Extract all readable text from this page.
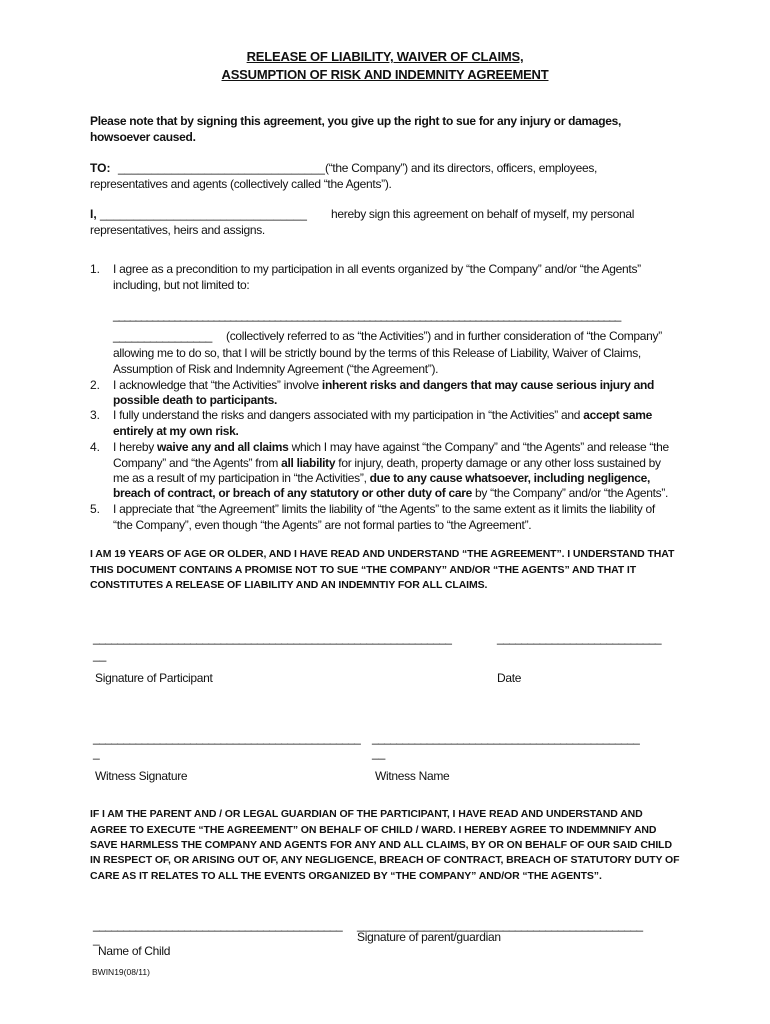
RELEASE OF LIABILITY, WAIVER OF CLAIMS,
ASSUMPTION OF RISK AND INDEMNITY AGREEMENT
Please note that by signing this agreement, you give up the right to sue for any injury or damages,
howsoever caused.
TO: _______________________________ (“the Company”) and its directors, officers, employees,
representatives and agents (collectively called “the Agents”).
I, _______________________________ hereby sign this agreement on behalf of myself, my personal
representatives, heirs and assigns.
1. I agree as a precondition to my participation in all events organized by “the Company” and/or “the Agents”
including, but not limited to:
___________________________________________________________________________________________
________________ (collectively referred to as “the Activities”) and in further consideration of “the Company”
allowing me to do so, that I will be strictly bound by the terms of this Release of Liability, Waiver of Claims,
Assumption of Risk and Indemnity Agreement (“the Agreement”).
2. I acknowledge that “the Activities” involve inherent risks and dangers that may cause serious injury and
possible death to participants.
3. I fully understand the risks and dangers associated with my participation in “the Activities” and accept same
entirely at my own risk.
4. I hereby waive any and all claims which I may have against “the Company” and “the Agents” and release “the
Company” and “the Agents” from all liability for injury, death, property damage or any other loss sustained by
me as a result of my participation in “the Activities”, due to any cause whatsoever, including negligence,
breach of contract, or breach of any statutory or other duty of care by “the Company” and/or “the Agents”.
5. I appreciate that “the Agreement” limits the liability of “the Agents” to the same extent as it limits the liability of
“the Company”, even though “the Agents” are not formal parties to “the Agreement”.
I AM 19 YEARS OF AGE OR OLDER, AND I HAVE READ AND UNDERSTAND “THE AGREEMENT”. I UNDERSTAND THAT
THIS DOCUMENT CONTAINS A PROMISE NOT TO SUE “THE COMPANY” AND/OR “THE AGENTS” AND THAT IT
CONSTITUTES A RELEASE OF LIABILITY AND AN INDEMNTIY FOR ALL CLAIMS.
___________________________________________________________
__
___________________________
Signature of Participant	Date
____________________________________________
_
____________________________________________
__
Witness Signature	Witness Name
IF I AM THE PARENT AND / OR LEGAL GUARDIAN OF THE PARTICIPANT, I HAVE READ AND UNDERSTAND AND
AGREE TO EXECUTE “THE AGREEMENT” ON BEHALF OF CHILD / WARD. I HEREBY AGREE TO INDEMMNIFY AND
SAVE HARMLESS THE COMPANY AND AGENTS FOR ANY AND ALL CLAIMS, BY OR ON BEHALF OF OUR SAID CHILD
IN RESPECT OF, OR ARISING OUT OF, ANY NEGLIGENCE, BREACH OF CONTRACT, BREACH OF STATUTORY DUTY OF
CARE AS IT RELATES TO ALL THE EVENTS ORGANIZED BY “THE COMPANY” AND/OR “THE AGENTS”.
_________________________________________
_
Name of Child
_______________________________________________
Signature of parent/guardian
BWIN19(08/11)
